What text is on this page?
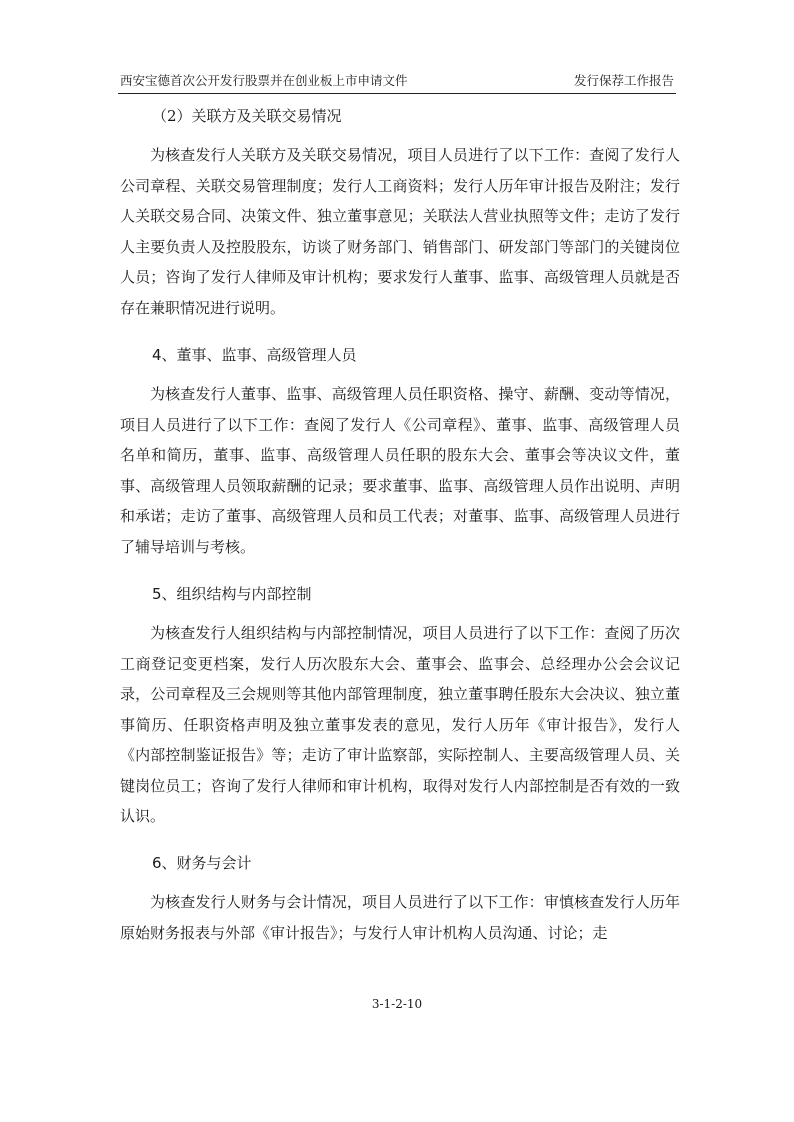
西安宝德首次公开发行股票并在创业板上市申请文件	发行保荐工作报告
（2）关联方及关联交易情况

为核查发行人关联方及关联交易情况，项目人员进行了以下工作：查阅了发行人公司章程、关联交易管理制度；发行人工商资料；发行人历年审计报告及附注；发行人关联交易合同、决策文件、独立董事意见；关联法人营业执照等文件；走访了发行人主要负责人及控股股东，访谈了财务部门、销售部门、研发部门等部门的关键岗位人员；咨询了发行人律师及审计机构；要求发行人董事、监事、高级管理人员就是否存在兼职情况进行说明。

4、董事、监事、高级管理人员

为核查发行人董事、监事、高级管理人员任职资格、操守、薪酬、变动等情况，项目人员进行了以下工作：查阅了发行人《公司章程》、董事、监事、高级管理人员名单和简历，董事、监事、高级管理人员任职的股东大会、董事会等决议文件，董事、高级管理人员领取薪酬的记录；要求董事、监事、高级管理人员作出说明、声明和承诺；走访了董事、高级管理人员和员工代表；对董事、监事、高级管理人员进行了辅导培训与考核。

5、组织结构与内部控制

为核查发行人组织结构与内部控制情况，项目人员进行了以下工作：查阅了历次工商登记变更档案，发行人历次股东大会、董事会、监事会、总经理办公会会议记录，公司章程及三会规则等其他内部管理制度，独立董事聘任股东大会决议、独立董事简历、任职资格声明及独立董事发表的意见，发行人历年《审计报告》，发行人《内部控制鉴证报告》等；走访了审计监察部，实际控制人、主要高级管理人员、关键岗位员工；咨询了发行人律师和审计机构，取得对发行人内部控制是否有效的一致认识。

6、财务与会计

为核查发行人财务与会计情况，项目人员进行了以下工作：审慎核查发行人历年原始财务报表与外部《审计报告》；与发行人审计机构人员沟通、讨论；走

3-1-2-10
